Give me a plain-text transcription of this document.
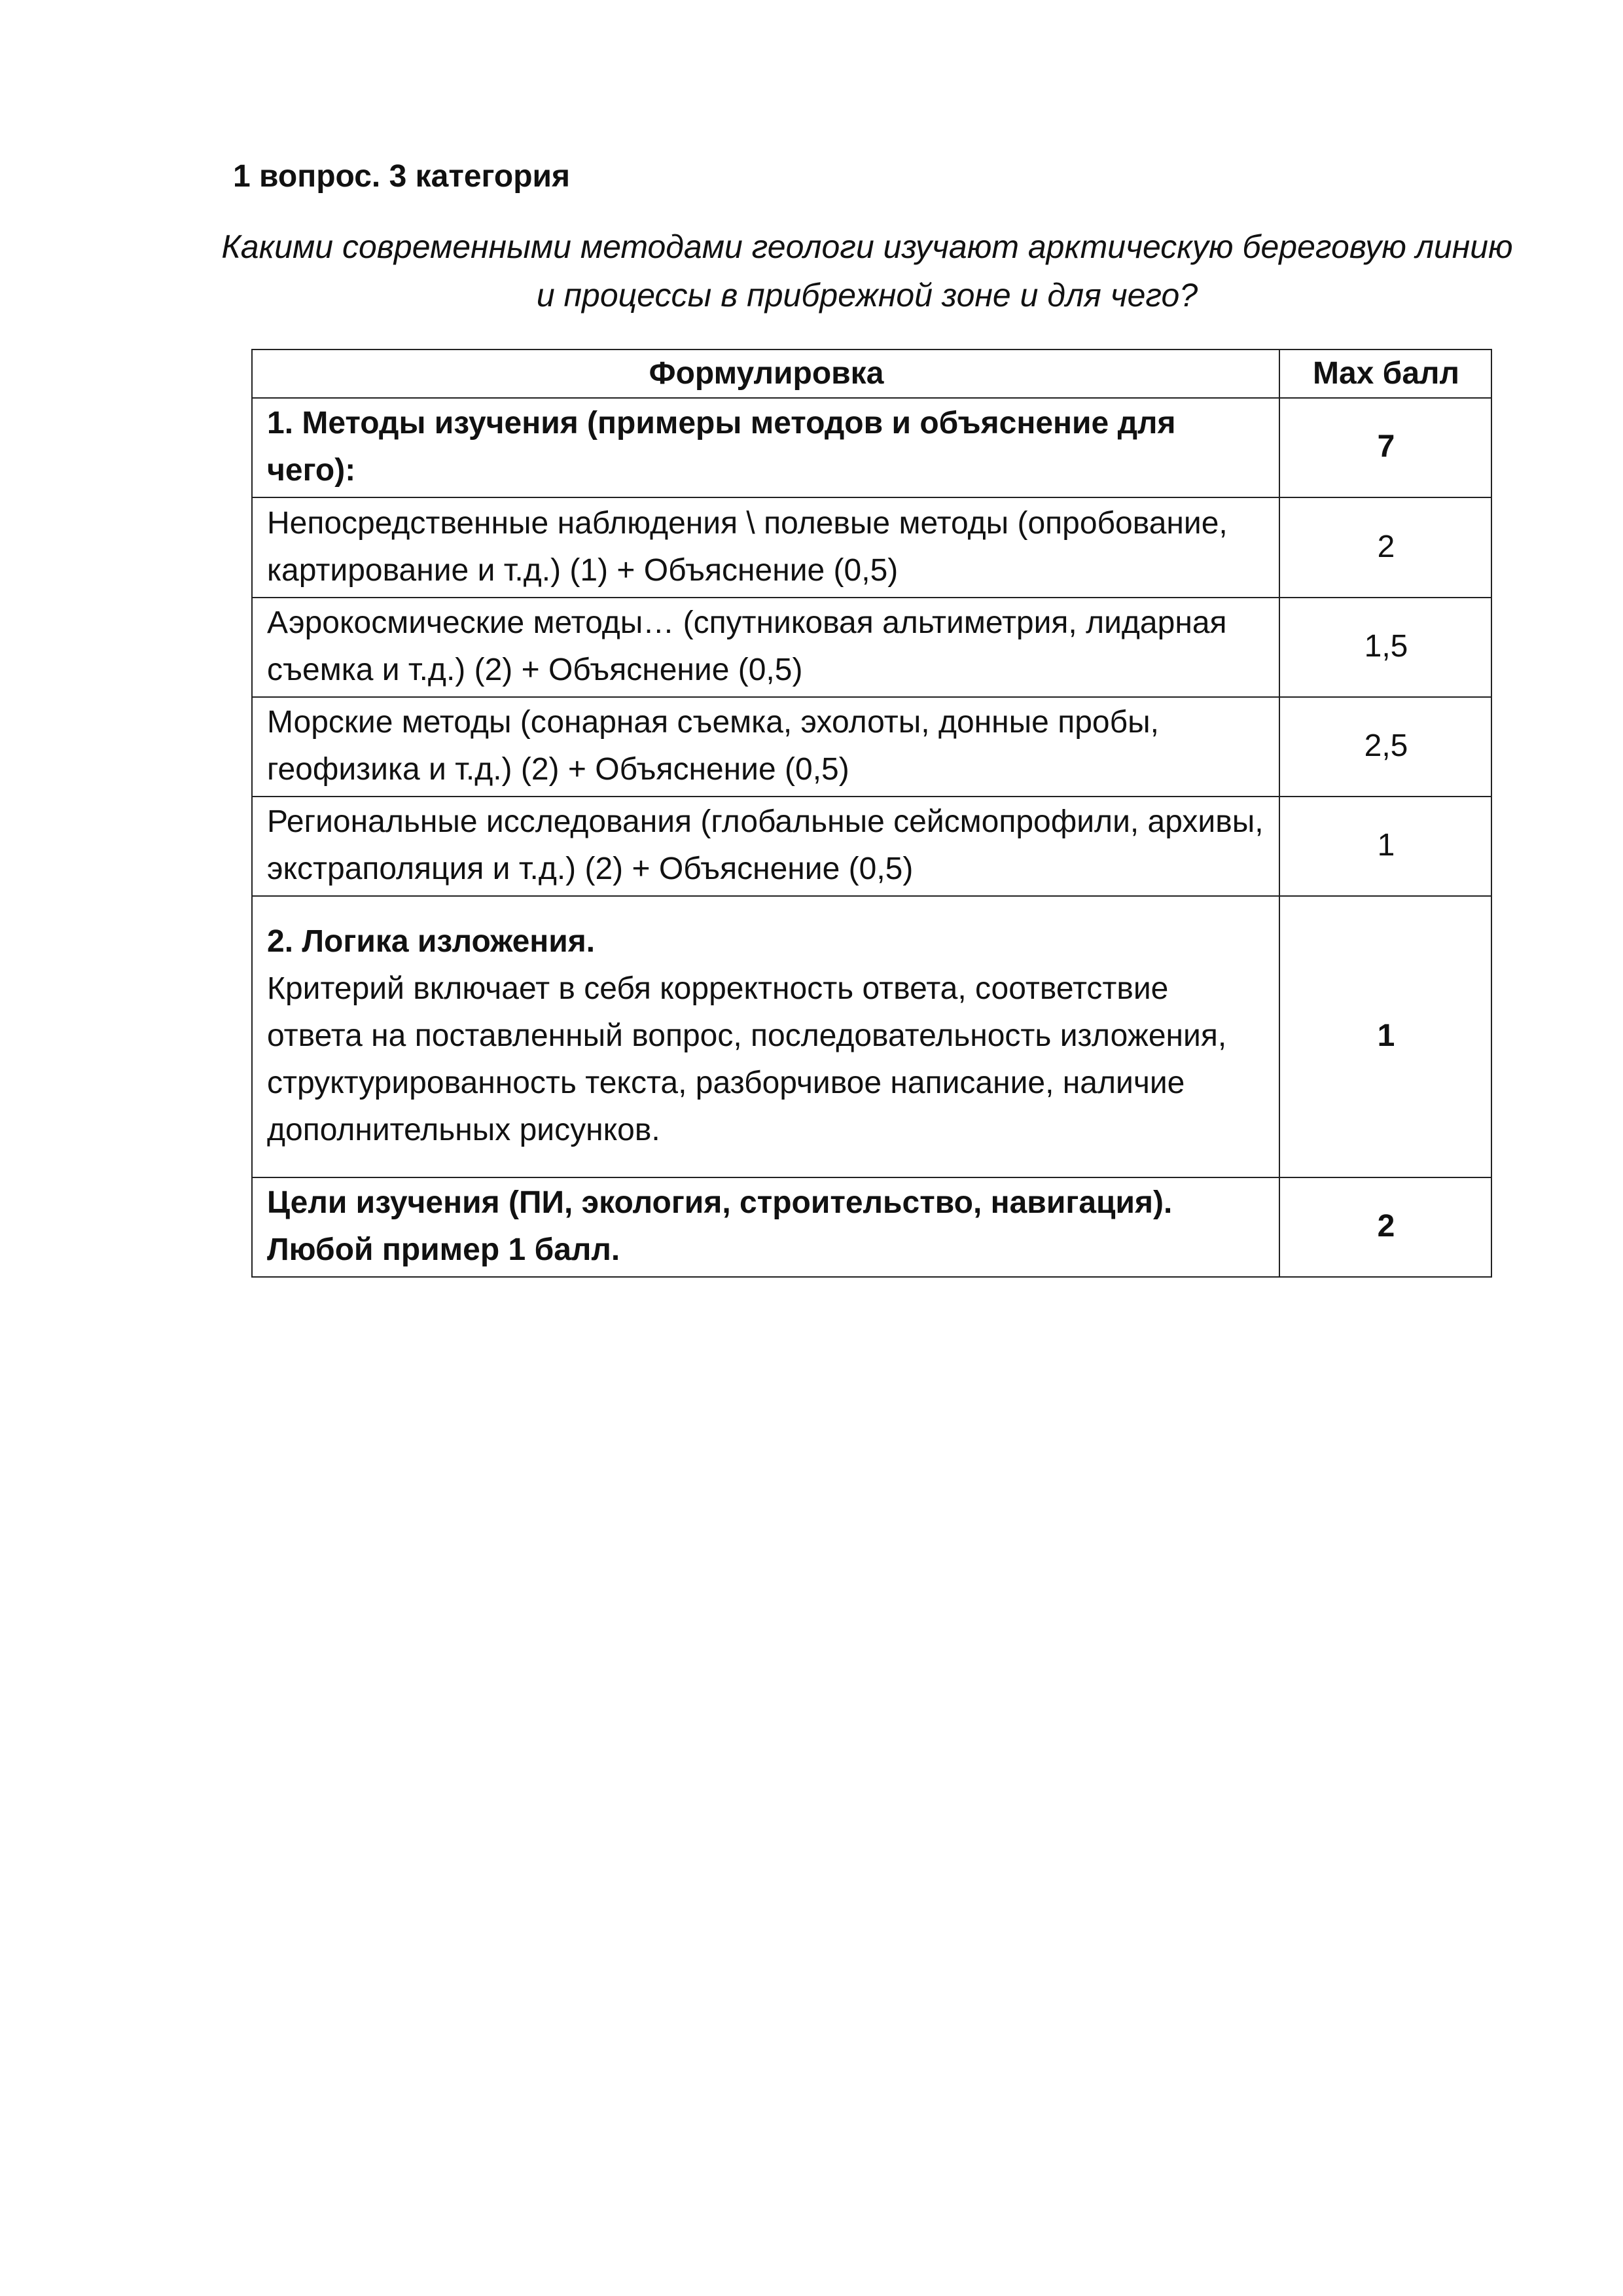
1 вопрос. 3 категория

Какими современными методами геологи изучают арктическую береговую линию и процессы в прибрежной зоне и для чего?

Формулировка	Max балл
1. Методы изучения (примеры методов и объяснение для чего):	7
Непосредственные наблюдения \ полевые методы (опробование, картирование и т.д.) (1) + Объяснение (0,5)	2
Аэрокосмические методы… (спутниковая альтиметрия, лидарная съемка и т.д.) (2) + Объяснение (0,5)	1,5
Морские методы (сонарная съемка, эхолоты, донные пробы, геофизика и т.д.) (2) + Объяснение (0,5)	2,5
Региональные исследования (глобальные сейсмопрофили, архивы, экстраполяция и т.д.) (2) + Объяснение (0,5)	1

2. Логика изложения.
Критерий включает в себя корректность ответа, соответствие ответа на поставленный вопрос, последовательность изложения, структурированность текста, разборчивое написание, наличие дополнительных рисунков.	1
Цели изучения (ПИ, экология, строительство, навигация). Любой пример 1 балл.	2
